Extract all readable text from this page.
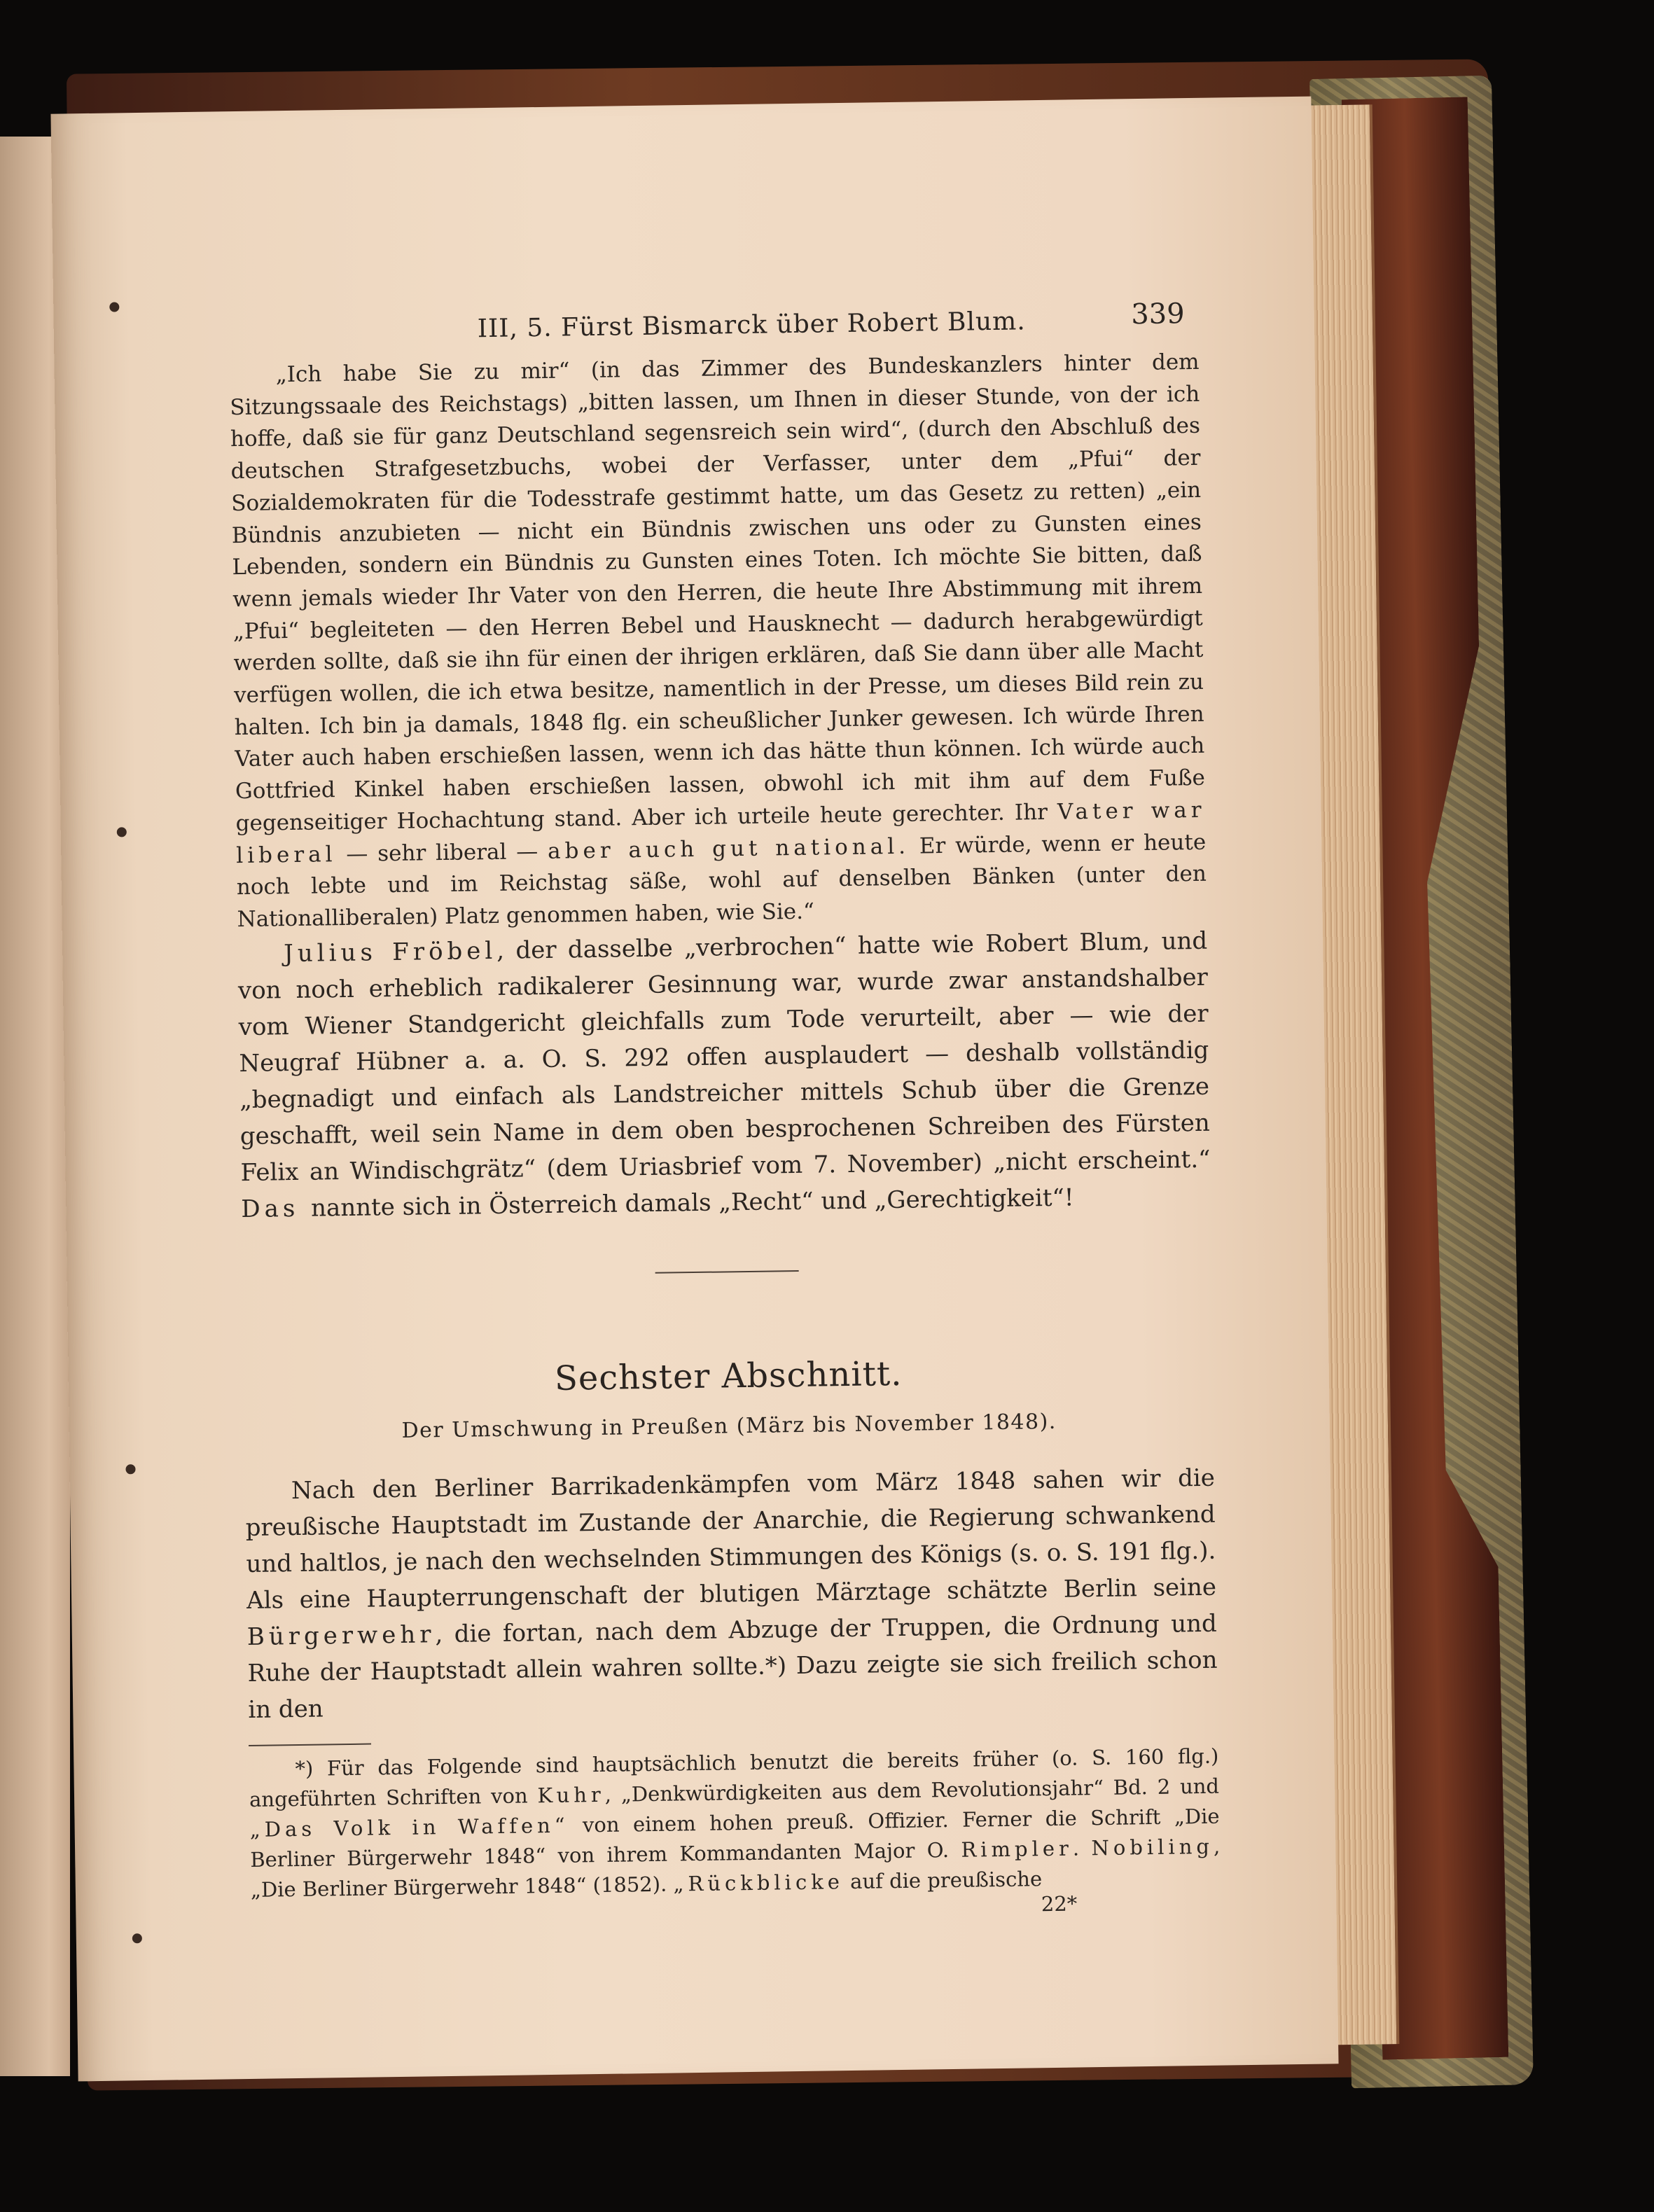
III, 5. Fürst Bismarck über Robert Blum.	339

„Ich habe Sie zu mir“ (in das Zimmer des Bundeskanzlers hinter dem Sitzungssaale des Reichstags) „bitten lassen, um Ihnen in dieser Stunde, von der ich hoffe, daß sie für ganz Deutschland segensreich sein wird“, (durch den Abschluß des deutschen Strafgesetzbuchs, wobei der Verfasser, unter dem „Pfui“ der Sozialdemokraten für die Todesstrafe gestimmt hatte, um das Gesetz zu retten) „ein Bündnis anzubieten — nicht ein Bündnis zwischen uns oder zu Gunsten eines Lebenden, sondern ein Bündnis zu Gunsten eines Toten. Ich möchte Sie bitten, daß wenn jemals wieder Ihr Vater von den Herren, die heute Ihre Abstimmung mit ihrem „Pfui“ begleiteten — den Herren Bebel und Hausknecht — dadurch herabgewürdigt werden sollte, daß sie ihn für einen der ihrigen erklären, daß Sie dann über alle Macht verfügen wollen, die ich etwa besitze, namentlich in der Presse, um dieses Bild rein zu halten. Ich bin ja damals, 1848 flg. ein scheußlicher Junker gewesen. Ich würde Ihren Vater auch haben erschießen lassen, wenn ich das hätte thun können. Ich würde auch Gottfried Kinkel haben erschießen lassen, obwohl ich mit ihm auf dem Fuße gegenseitiger Hochachtung stand. Aber ich urteile heute gerechter. Ihr Vater war liberal — sehr liberal — aber auch gut national. Er würde, wenn er heute noch lebte und im Reichstag säße, wohl auf denselben Bänken (unter den Nationalliberalen) Platz genommen haben, wie Sie.“

Julius Fröbel, der dasselbe „verbrochen“ hatte wie Robert Blum, und von noch erheblich radikalerer Gesinnung war, wurde zwar anstandshalber vom Wiener Standgericht gleichfalls zum Tode verurteilt, aber — wie der Neugraf Hübner a. a. O. S. 292 offen ausplaudert — deshalb vollständig „begnadigt und einfach als Landstreicher mittels Schub über die Grenze geschafft, weil sein Name in dem oben besprochenen Schreiben des Fürsten Felix an Windischgrätz“ (dem Uriasbrief vom 7. November) „nicht erscheint.“ Das nannte sich in Österreich damals „Recht“ und „Gerechtigkeit“!

Sechster Abschnitt.
Der Umschwung in Preußen (März bis November 1848).

Nach den Berliner Barrikadenkämpfen vom März 1848 sahen wir die preußische Hauptstadt im Zustande der Anarchie, die Regierung schwankend und haltlos, je nach den wechselnden Stimmungen des Königs (s. o. S. 191 flg.). Als eine Haupterrungenschaft der blutigen Märztage schätzte Berlin seine Bürgerwehr, die fortan, nach dem Abzuge der Truppen, die Ordnung und Ruhe der Hauptstadt allein wahren sollte.*) Dazu zeigte sie sich freilich schon in den

*) Für das Folgende sind hauptsächlich benutzt die bereits früher (o. S. 160 flg.) angeführten Schriften von Kuhr, „Denkwürdigkeiten aus dem Revolutionsjahr“ Bd. 2 und „Das Volk in Waffen“ von einem hohen preuß. Offizier. Ferner die Schrift „Die Berliner Bürgerwehr 1848“ von ihrem Kommandanten Major O. Rimpler. Nobiling, „Die Berliner Bürgerwehr 1848“ (1852). „Rückblicke auf die preußische

22*
